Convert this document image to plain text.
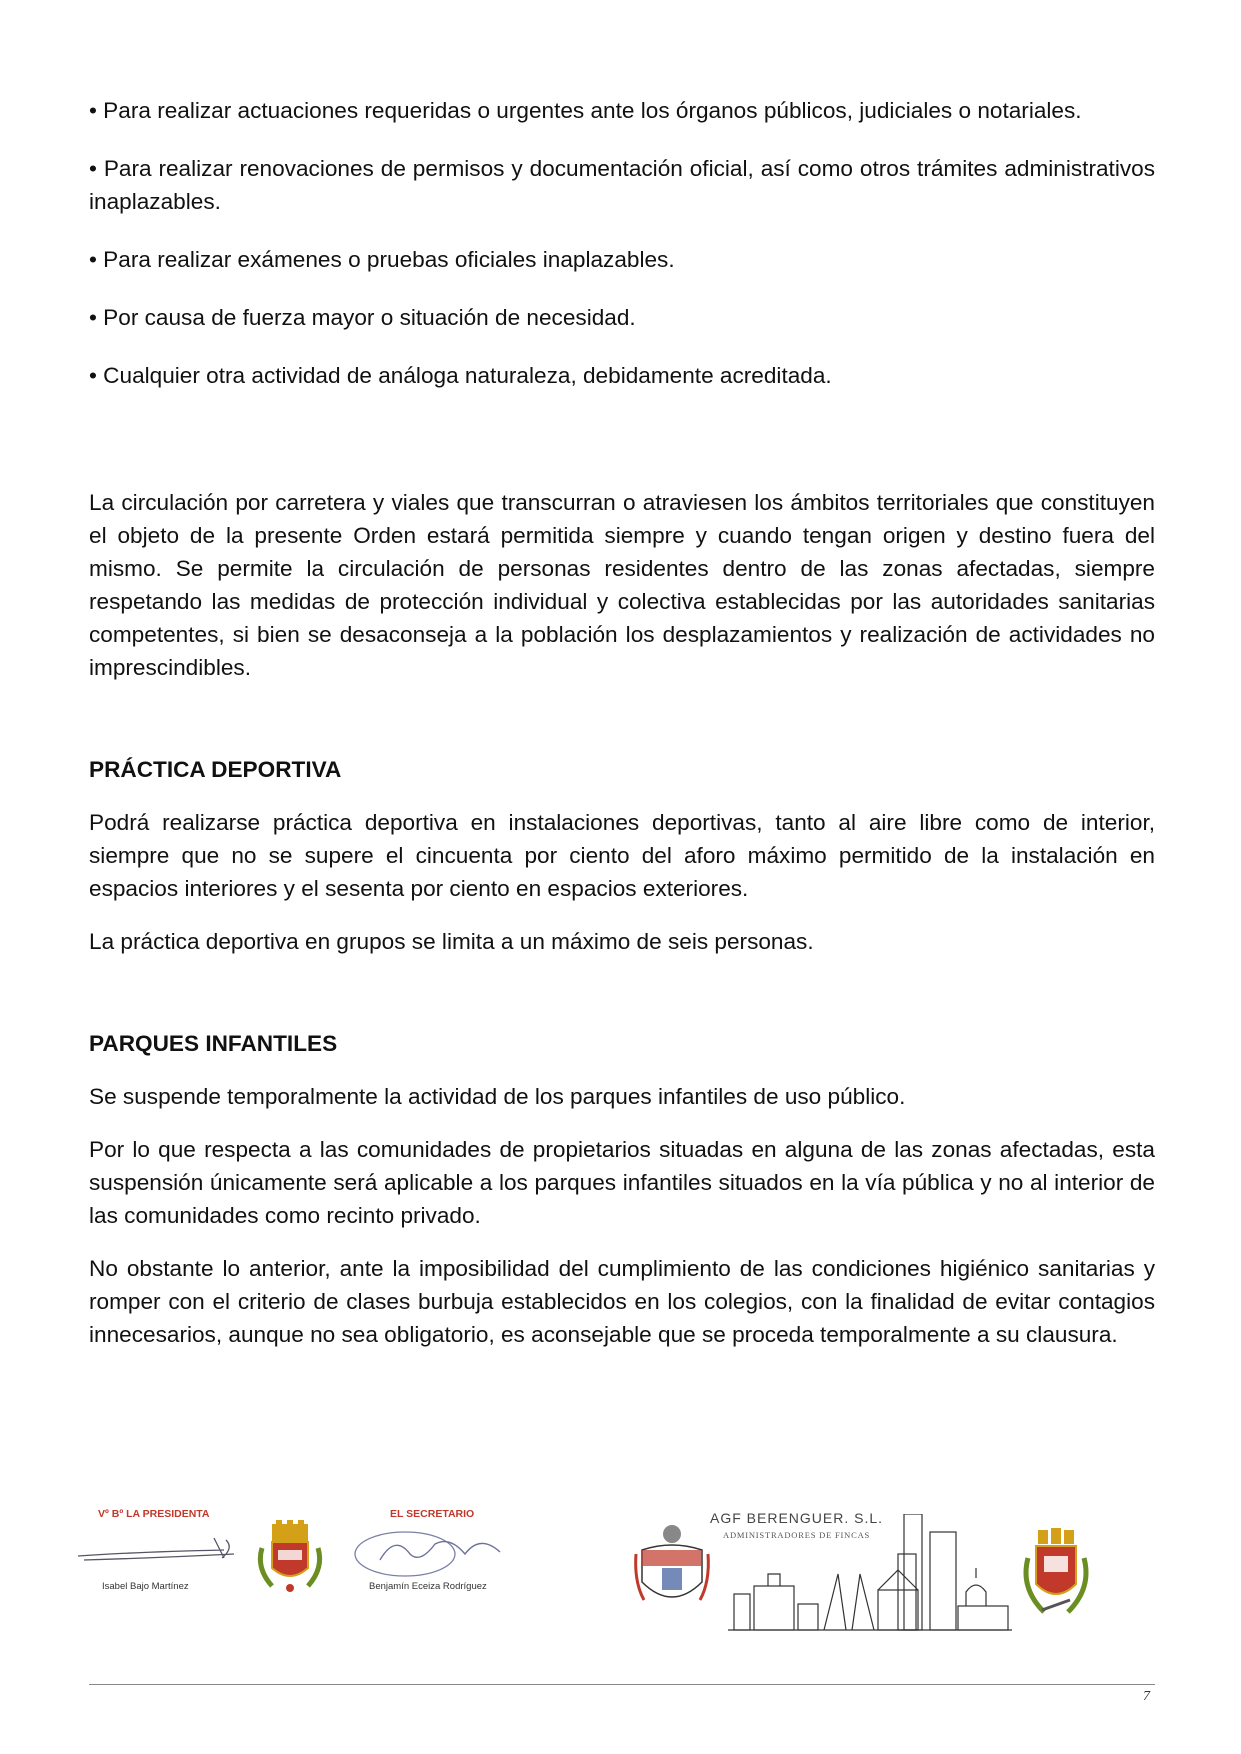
• Para realizar actuaciones requeridas o urgentes ante los órganos públicos, judiciales o notariales.

• Para realizar renovaciones de permisos y documentación oficial, así como otros trámites administrativos inaplazables.

• Para realizar exámenes o pruebas oficiales inaplazables.

• Por causa de fuerza mayor o situación de necesidad.

• Cualquier otra actividad de análoga naturaleza, debidamente acreditada.

La circulación por carretera y viales que transcurran o atraviesen los ámbitos territoriales que constituyen el objeto de la presente Orden estará permitida siempre y cuando tengan origen y destino fuera del mismo. Se permite la circulación de personas residentes dentro de las zonas afectadas, siempre respetando las medidas de protección individual y colectiva establecidas por las autoridades sanitarias competentes, si bien se desaconseja a la población los desplazamientos y realización de actividades no imprescindibles.

PRÁCTICA DEPORTIVA

Podrá realizarse práctica deportiva en instalaciones deportivas, tanto al aire libre como de interior, siempre que no se supere el cincuenta por ciento del aforo máximo permitido de la instalación en espacios interiores y el sesenta por ciento en espacios exteriores.

La práctica deportiva en grupos se limita a un máximo de seis personas.

PARQUES INFANTILES

Se suspende temporalmente la actividad de los parques infantiles de uso público.

Por lo que respecta a las comunidades de propietarios situadas en alguna de las zonas afectadas, esta suspensión únicamente será aplicable a los parques infantiles situados en la vía pública y no al interior de las comunidades como recinto privado.

No obstante lo anterior, ante la imposibilidad del cumplimiento de las condiciones higiénico sanitarias y romper con el criterio de clases burbuja establecidos en los colegios, con la finalidad de evitar contagios innecesarios, aunque no sea obligatorio, es aconsejable que se proceda temporalmente a su clausura.

Vº Bº LA PRESIDENTA
Isabel Bajo Martínez
EL SECRETARIO
Benjamín Eceiza Rodríguez
AGF BERENGUER. S.L.
ADMINISTRADORES DE FINCAS
7
